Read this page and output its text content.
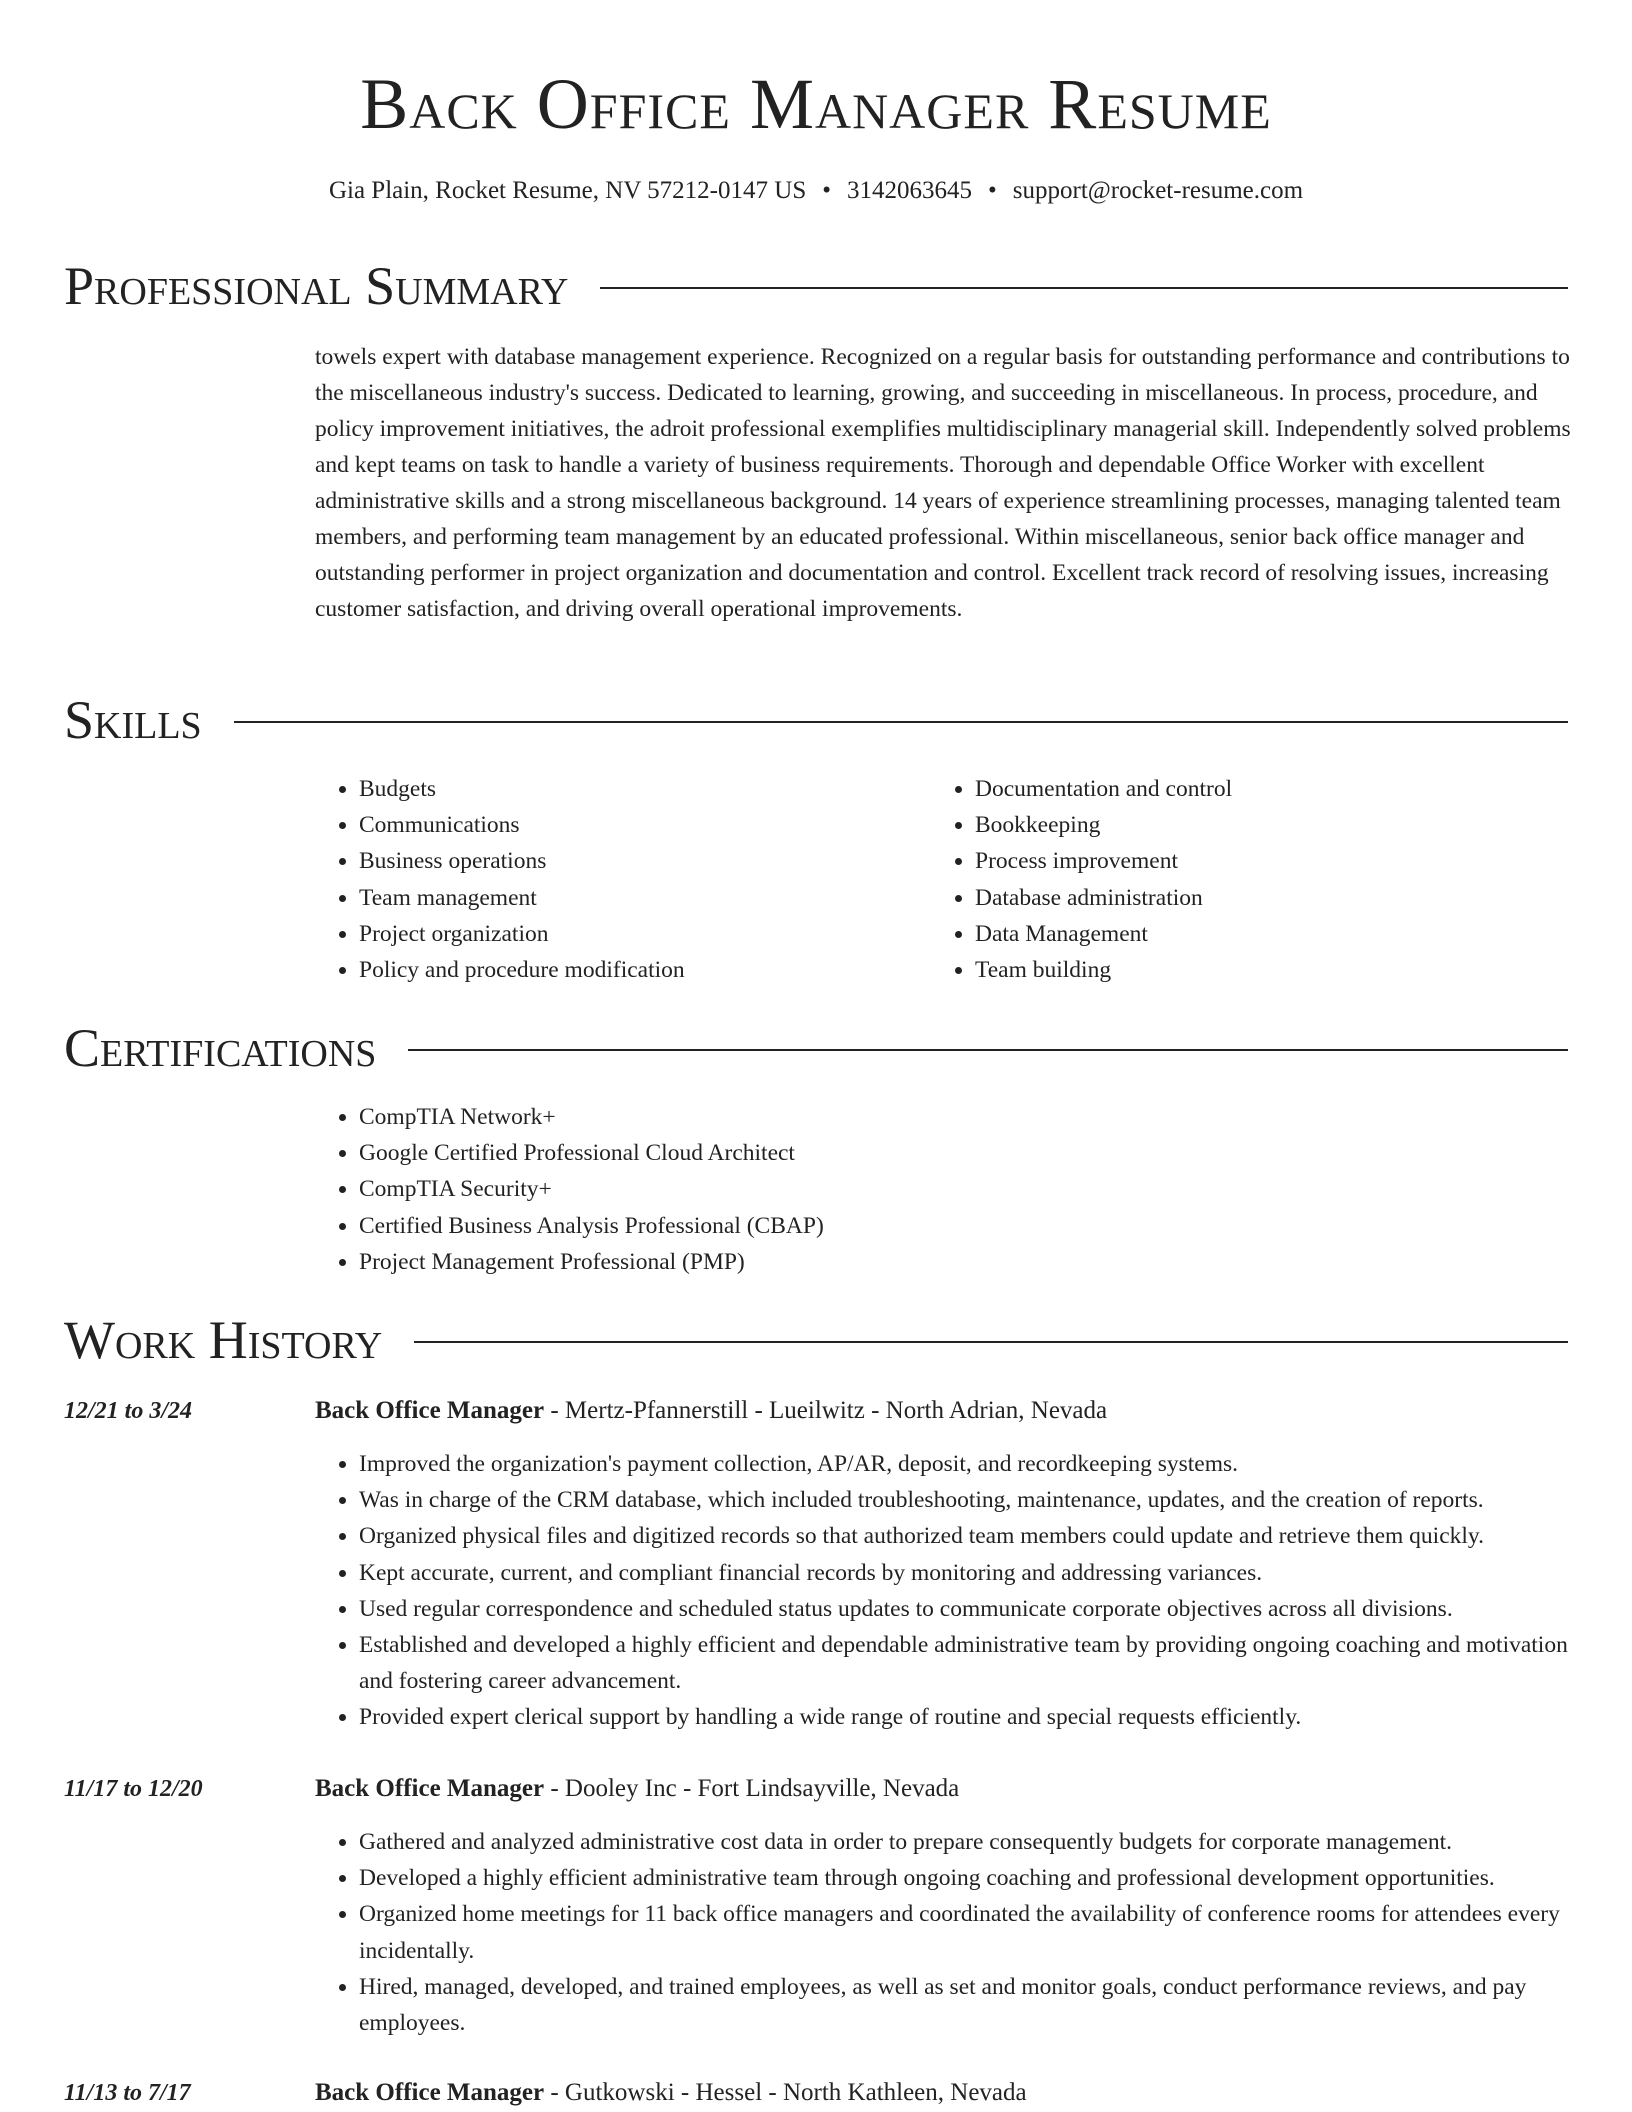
Back Office Manager Resume
Gia Plain, Rocket Resume, NV 57212-0147 US • 3142063645 • support@rocket-resume.com
Professional Summary

towels expert with database management experience. Recognized on a regular basis for outstanding performance and contributions to the miscellaneous industry's success. Dedicated to learning, growing, and succeeding in miscellaneous. In process, procedure, and policy improvement initiatives, the adroit professional exemplifies multidisciplinary managerial skill. Independently solved problems and kept teams on task to handle a variety of business requirements. Thorough and dependable Office Worker with excellent administrative skills and a strong miscellaneous background. 14 years of experience streamlining processes, managing talented team members, and performing team management by an educated professional. Within miscellaneous, senior back office manager and outstanding performer in project organization and documentation and control. Excellent track record of resolving issues, increasing customer satisfaction, and driving overall operational improvements.

Skills
• Budgets
• Communications
• Business operations
• Team management
• Project organization
• Policy and procedure modification
• Documentation and control
• Bookkeeping
• Process improvement
• Database administration
• Data Management
• Team building
Certifications
• CompTIA Network+
• Google Certified Professional Cloud Architect
• CompTIA Security+
• Certified Business Analysis Professional (CBAP)
• Project Management Professional (PMP)
Work History
12/21 to 3/24	Back Office Manager - Mertz-Pfannerstill - Lueilwitz - North Adrian, Nevada
• Improved the organization's payment collection, AP/AR, deposit, and recordkeeping systems.
• Was in charge of the CRM database, which included troubleshooting, maintenance, updates, and the creation of reports.
• Organized physical files and digitized records so that authorized team members could update and retrieve them quickly.
• Kept accurate, current, and compliant financial records by monitoring and addressing variances.
• Used regular correspondence and scheduled status updates to communicate corporate objectives across all divisions.
• Established and developed a highly efficient and dependable administrative team by providing ongoing coaching and motivation and fostering career advancement.
• Provided expert clerical support by handling a wide range of routine and special requests efficiently.
11/17 to 12/20	Back Office Manager - Dooley Inc - Fort Lindsayville, Nevada
• Gathered and analyzed administrative cost data in order to prepare consequently budgets for corporate management.
• Developed a highly efficient administrative team through ongoing coaching and professional development opportunities.
• Organized home meetings for 11 back office managers and coordinated the availability of conference rooms for attendees every incidentally.
• Hired, managed, developed, and trained employees, as well as set and monitor goals, conduct performance reviews, and pay employees.
11/13 to 7/17	Back Office Manager - Gutkowski - Hessel - North Kathleen, Nevada
